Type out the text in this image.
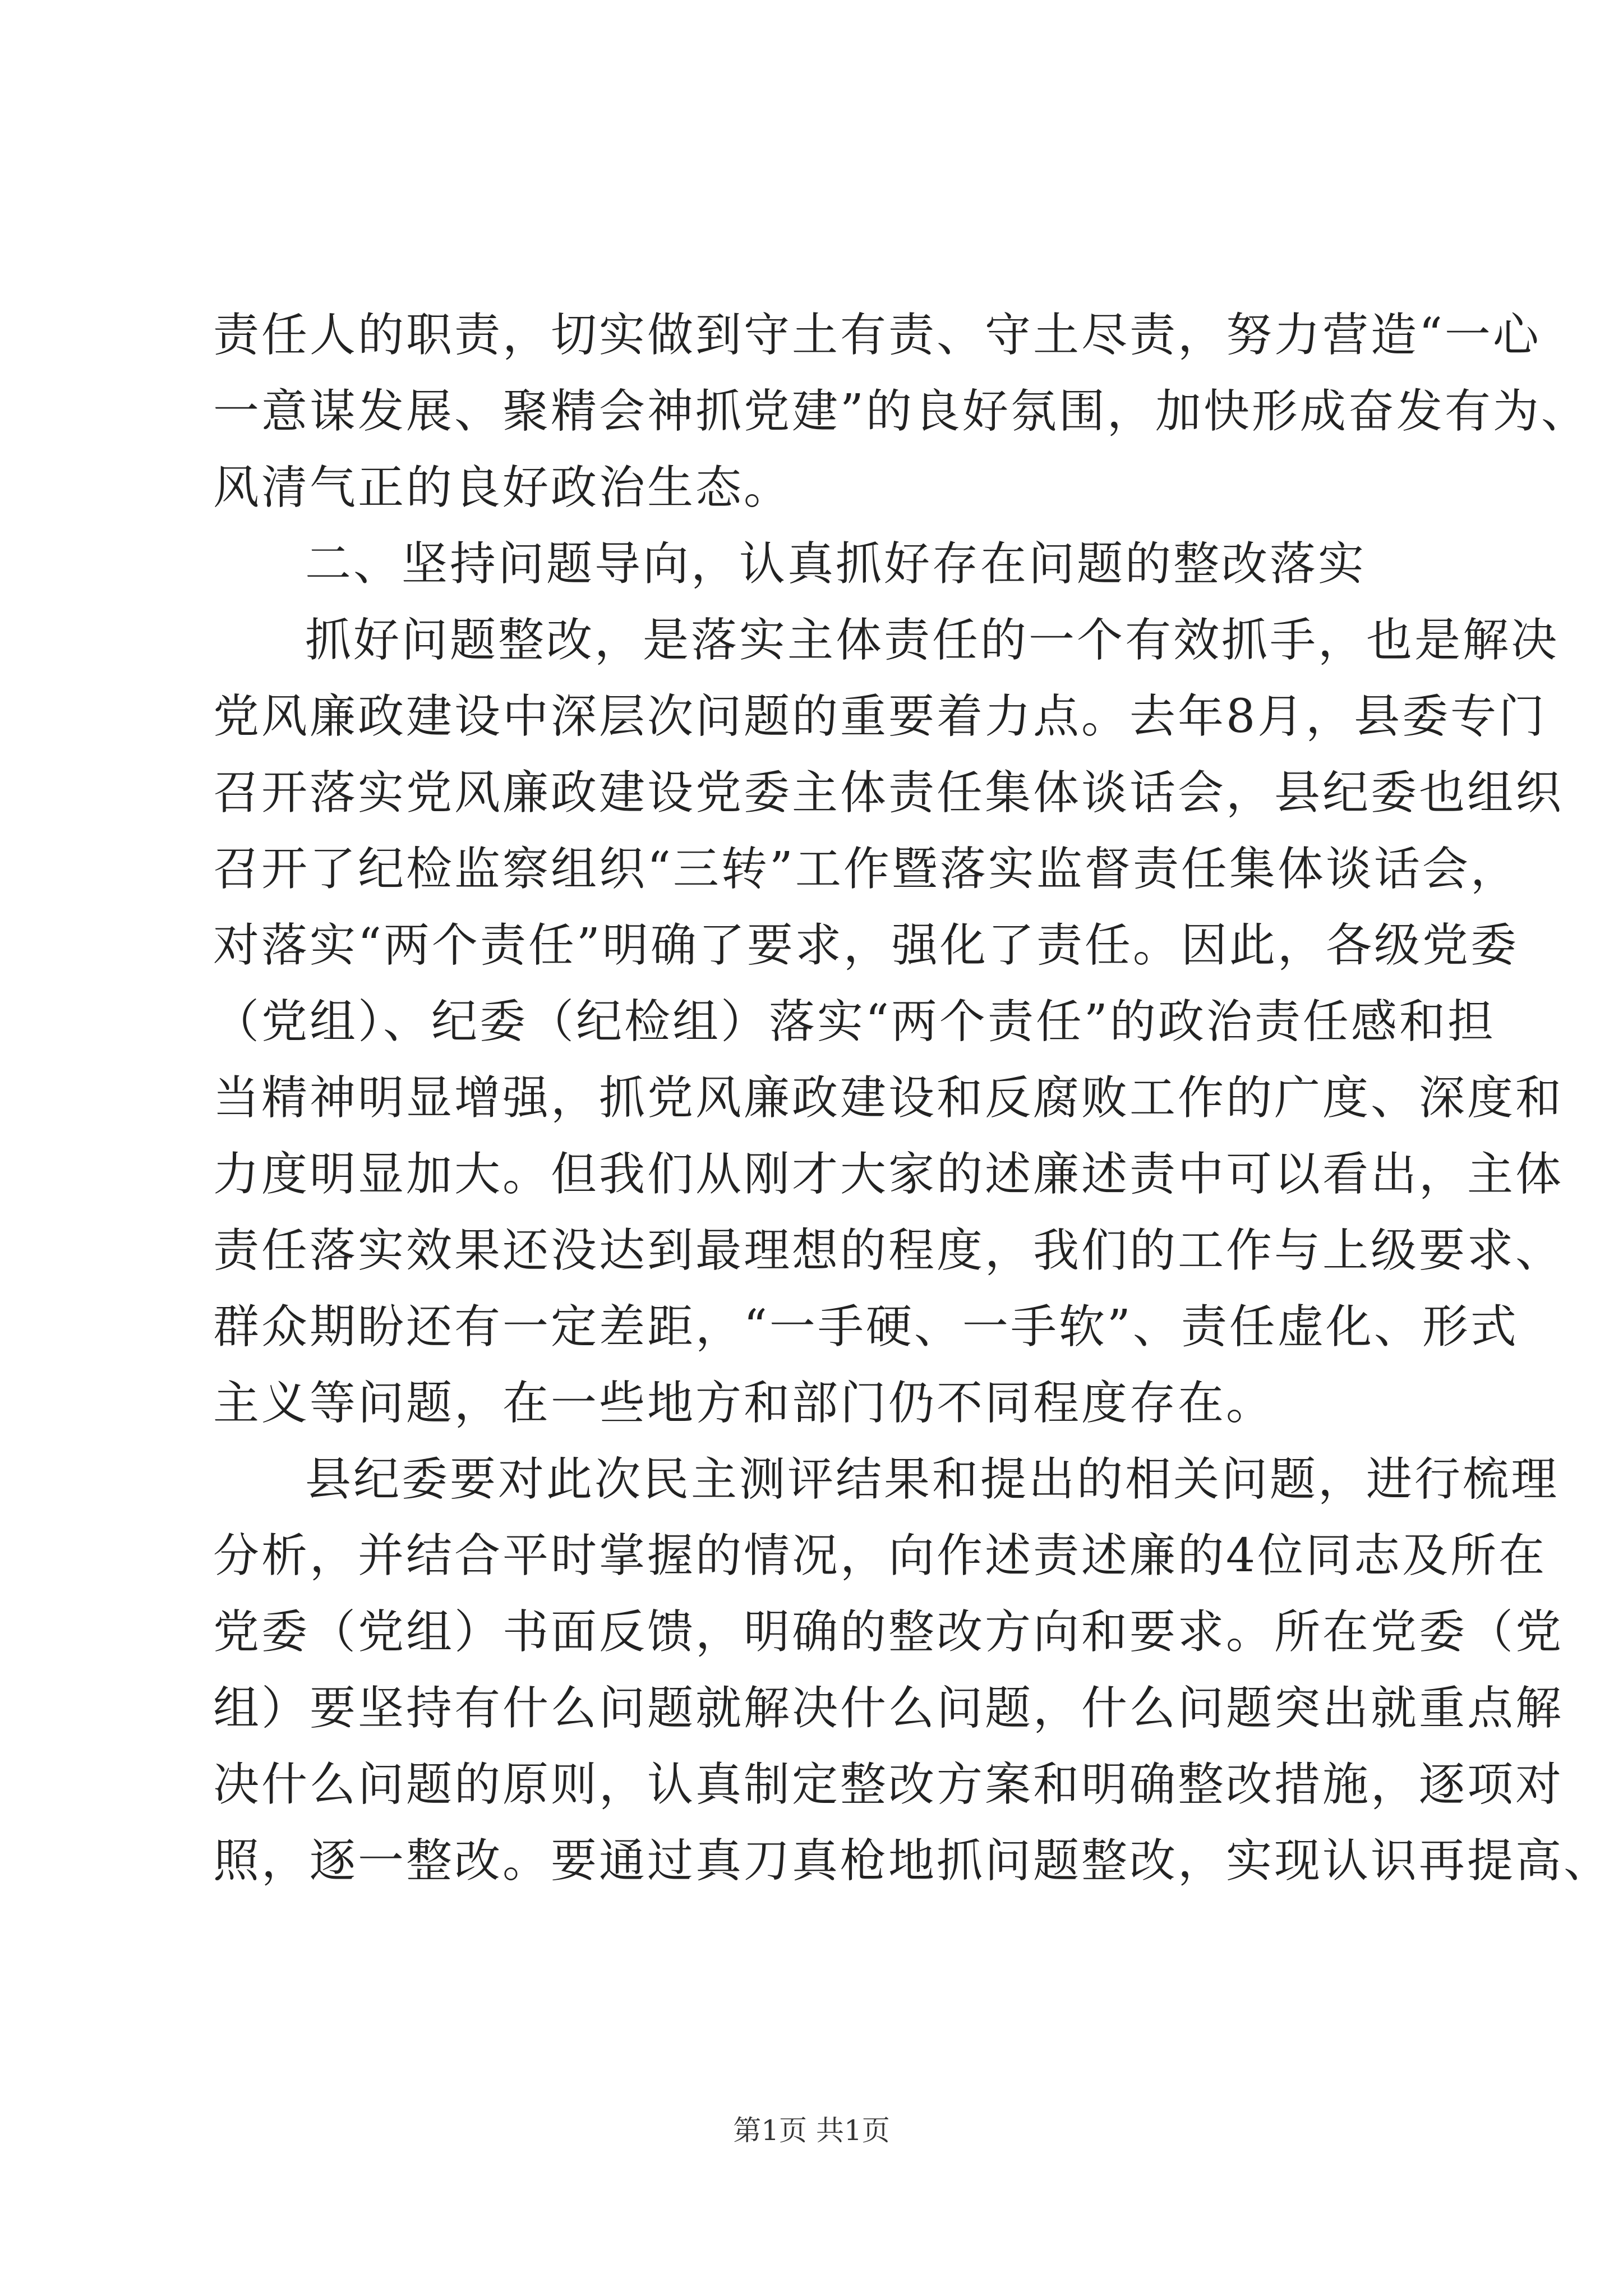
责任人的职责，切实做到守土有责、守土尽责，努力营造“一心
一意谋发展、聚精会神抓党建”的良好氛围，加快形成奋发有为、
风清气正的良好政治生态。
二、坚持问题导向，认真抓好存在问题的整改落实
抓好问题整改，是落实主体责任的一个有效抓手，也是解决
党风廉政建设中深层次问题的重要着力点。去年8月，县委专门
召开落实党风廉政建设党委主体责任集体谈话会，县纪委也组织
召开了纪检监察组织“三转”工作暨落实监督责任集体谈话会，
对落实“两个责任”明确了要求，强化了责任。因此，各级党委
（党组）、纪委（纪检组）落实“两个责任”的政治责任感和担
当精神明显增强，抓党风廉政建设和反腐败工作的广度、深度和
力度明显加大。但我们从刚才大家的述廉述责中可以看出，主体
责任落实效果还没达到最理想的程度，我们的工作与上级要求、
群众期盼还有一定差距，“一手硬、一手软”、责任虚化、形式
主义等问题，在一些地方和部门仍不同程度存在。
县纪委要对此次民主测评结果和提出的相关问题，进行梳理
分析，并结合平时掌握的情况，向作述责述廉的4位同志及所在
党委（党组）书面反馈，明确的整改方向和要求。所在党委（党
组）要坚持有什么问题就解决什么问题，什么问题突出就重点解
决什么问题的原则，认真制定整改方案和明确整改措施，逐项对
照，逐一整改。要通过真刀真枪地抓问题整改，实现认识再提高、
第1页 共1页
